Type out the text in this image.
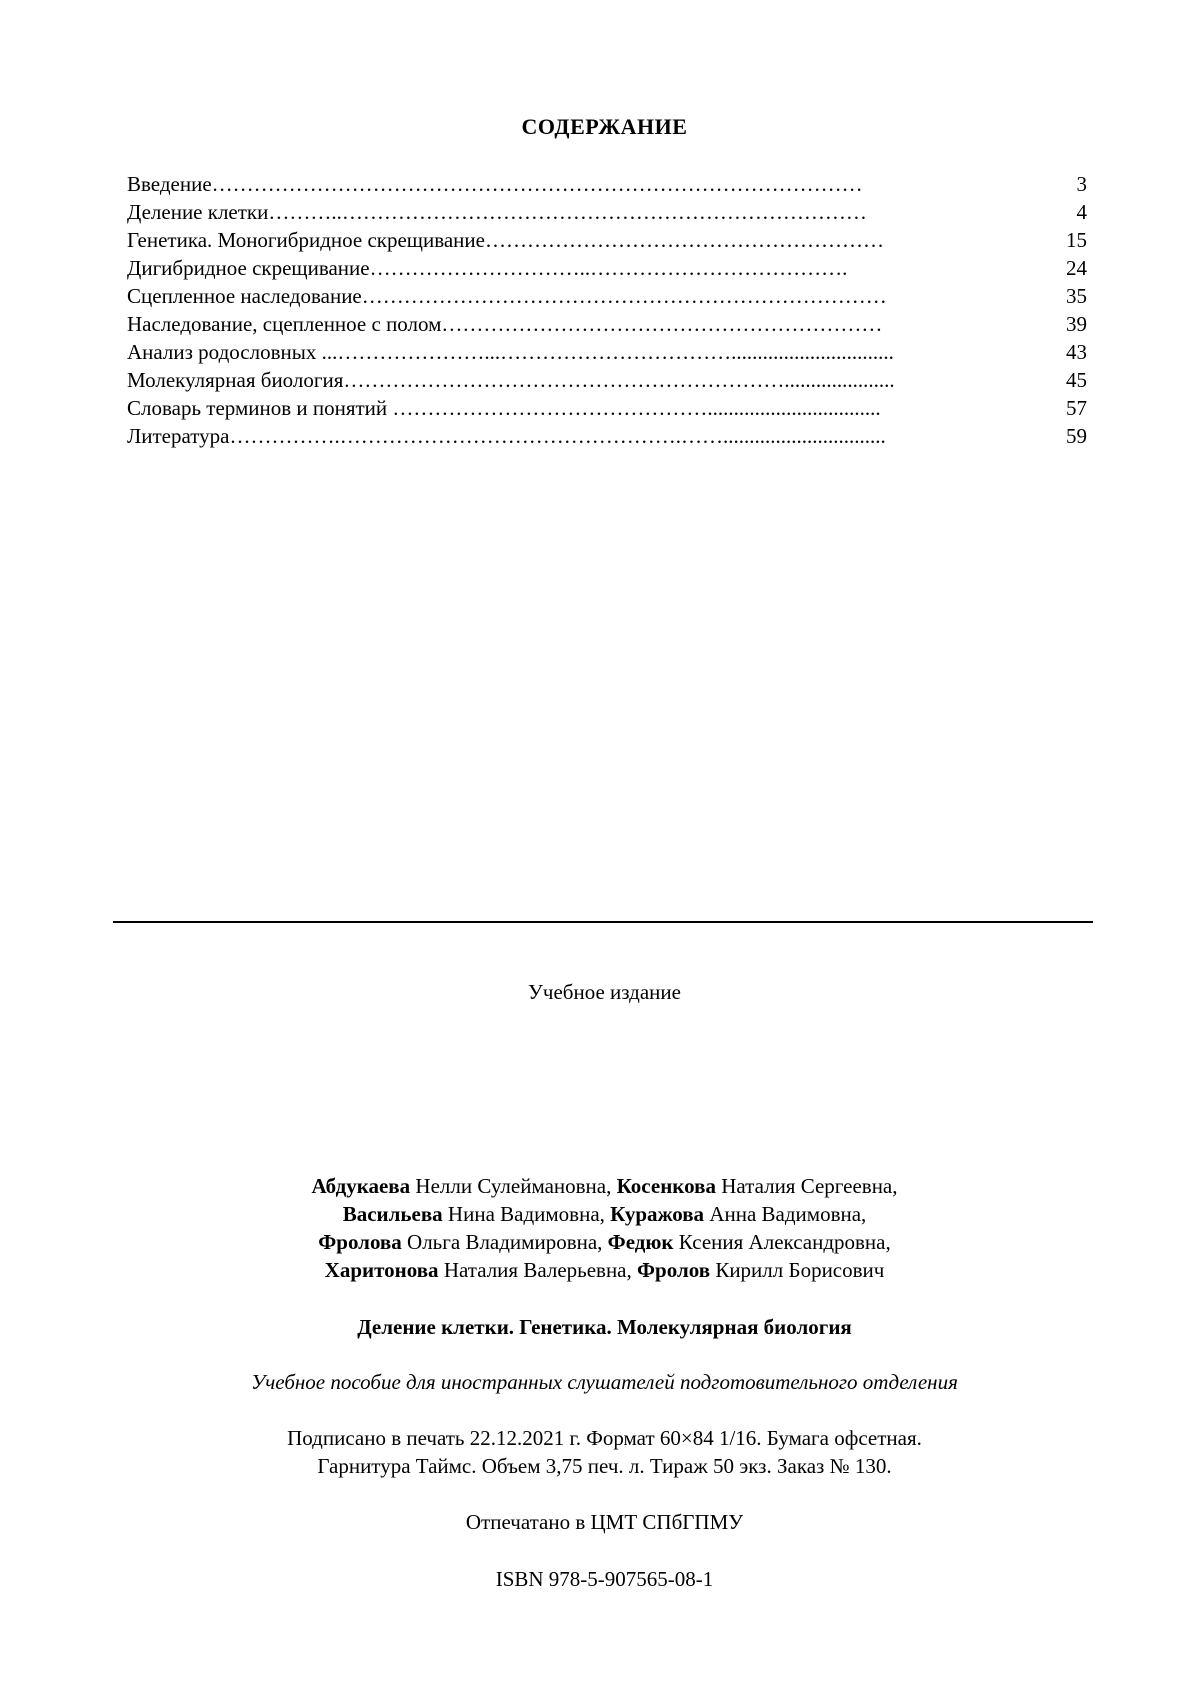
СОДЕРЖАНИЕ
Введение…………………………………………………………………………………	3
Деление клетки………..…………………………………………………………………	4
Генетика. Моногибридное скрещивание…………………………………………………	15
Дигибридное скрещивание…………………………..……………………………….	24
Сцепленное наследование…………………………………………………………………	35
Наследование, сцепленное с полом………………………………………………………	39
Анализ родословных ...…………………...……………………………...............................	43
Молекулярная биология……………………………………………………….....................	45
Словарь терминов и понятий ……………………………………….................................	57
Литература…………….………………………………………….……...............................	59
Учебное издание
Абдукаева Нелли Сулеймановна, Косенкова Наталия Сергеевна,
Васильева Нина Вадимовна, Куражова Анна Вадимовна,
Фролова Ольга Владимировна, Федюк Ксения Александровна,
Харитонова Наталия Валерьевна, Фролов Кирилл Борисович
Деление клетки. Генетика. Молекулярная биология
Учебное пособие для иностранных слушателей подготовительного отделения
Подписано в печать 22.12.2021 г. Формат 60×84 1/16. Бумага офсетная.
Гарнитура Таймс. Объем 3,75 печ. л. Тираж 50 экз. Заказ № 130.
Отпечатано в ЦМТ СПбГПМУ
ISBN 978-5-907565-08-1
